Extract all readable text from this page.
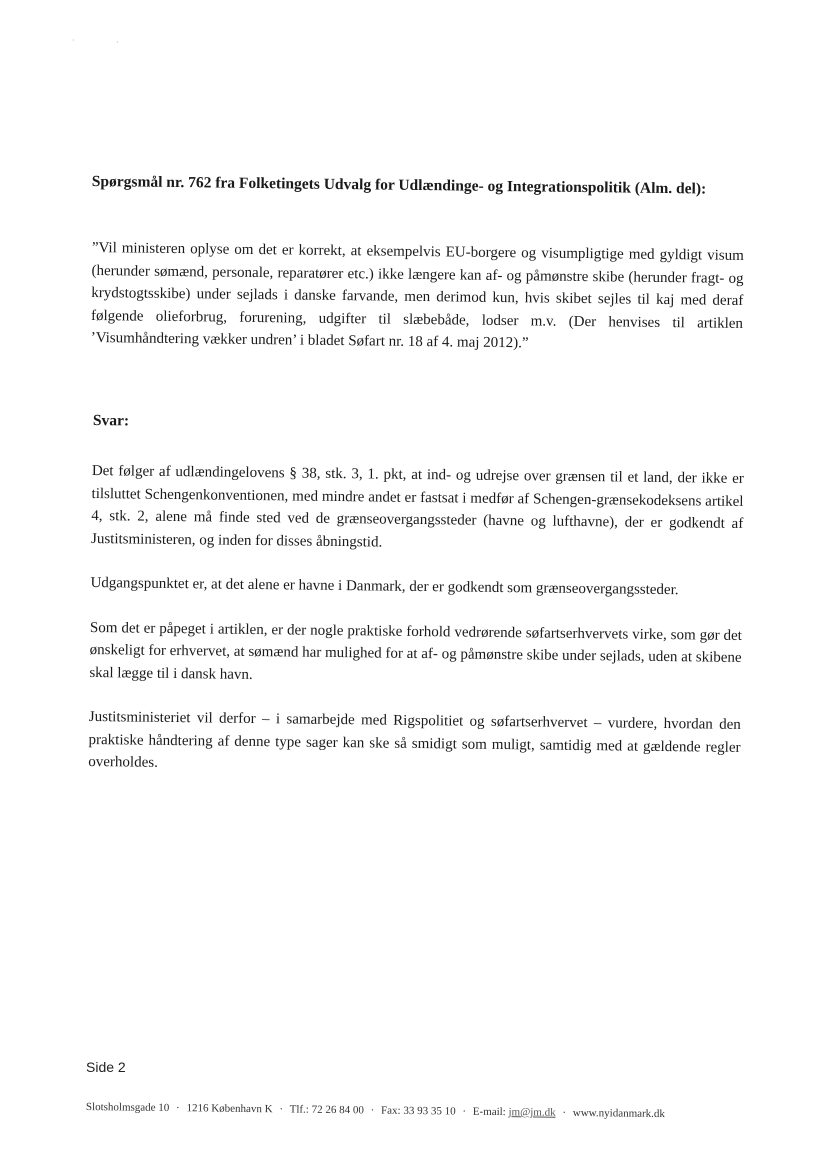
·	·
Spørgsmål nr. 762 fra Folketingets Udvalg for Udlændinge- og Integrationspolitik (Alm. del):
”Vil ministeren oplyse om det er korrekt, at eksempelvis EU-borgere og visumpligtige med gyldigt visum (herunder sømænd, personale, reparatører etc.) ikke længere kan af- og påmønstre skibe (herunder fragt- og krydstogtsskibe) under sejlads i danske farvande, men derimod kun, hvis skibet sejles til kaj med deraf følgende olieforbrug, forurening, udgifter til slæbebåde, lodser m.v. (Der henvises til artiklen ’Visumhåndtering vækker undren’ i bladet Søfart nr. 18 af 4. maj 2012).”
Svar:

Det følger af udlændingelovens § 38, stk. 3, 1. pkt, at ind- og udrejse over grænsen til et land, der ikke er tilsluttet Schengenkonventionen, med mindre andet er fastsat i medfør af Schengen-grænsekodeksens artikel 4, stk. 2, alene må finde sted ved de grænseovergangssteder (havne og lufthavne), der er godkendt af Justitsministeren, og inden for disses åbningstid.

Udgangspunktet er, at det alene er havne i Danmark, der er godkendt som grænseovergangssteder.

Som det er påpeget i artiklen, er der nogle praktiske forhold vedrørende søfartserhvervets virke, som gør det ønskeligt for erhvervet, at sømænd har mulighed for at af- og påmønstre skibe under sejlads, uden at skibene skal lægge til i dansk havn.

Justitsministeriet vil derfor – i samarbejde med Rigspolitiet og søfartserhvervet – vurdere, hvordan den praktiske håndtering af denne type sager kan ske så smidigt som muligt, samtidig med at gældende regler overholdes.

Side 2
Slotsholmsgade 10 · 1216 København K · Tlf.: 72 26 84 00 · Fax: 33 93 35 10 · E-mail: jm@jm.dk · www.nyidanmark.dk
